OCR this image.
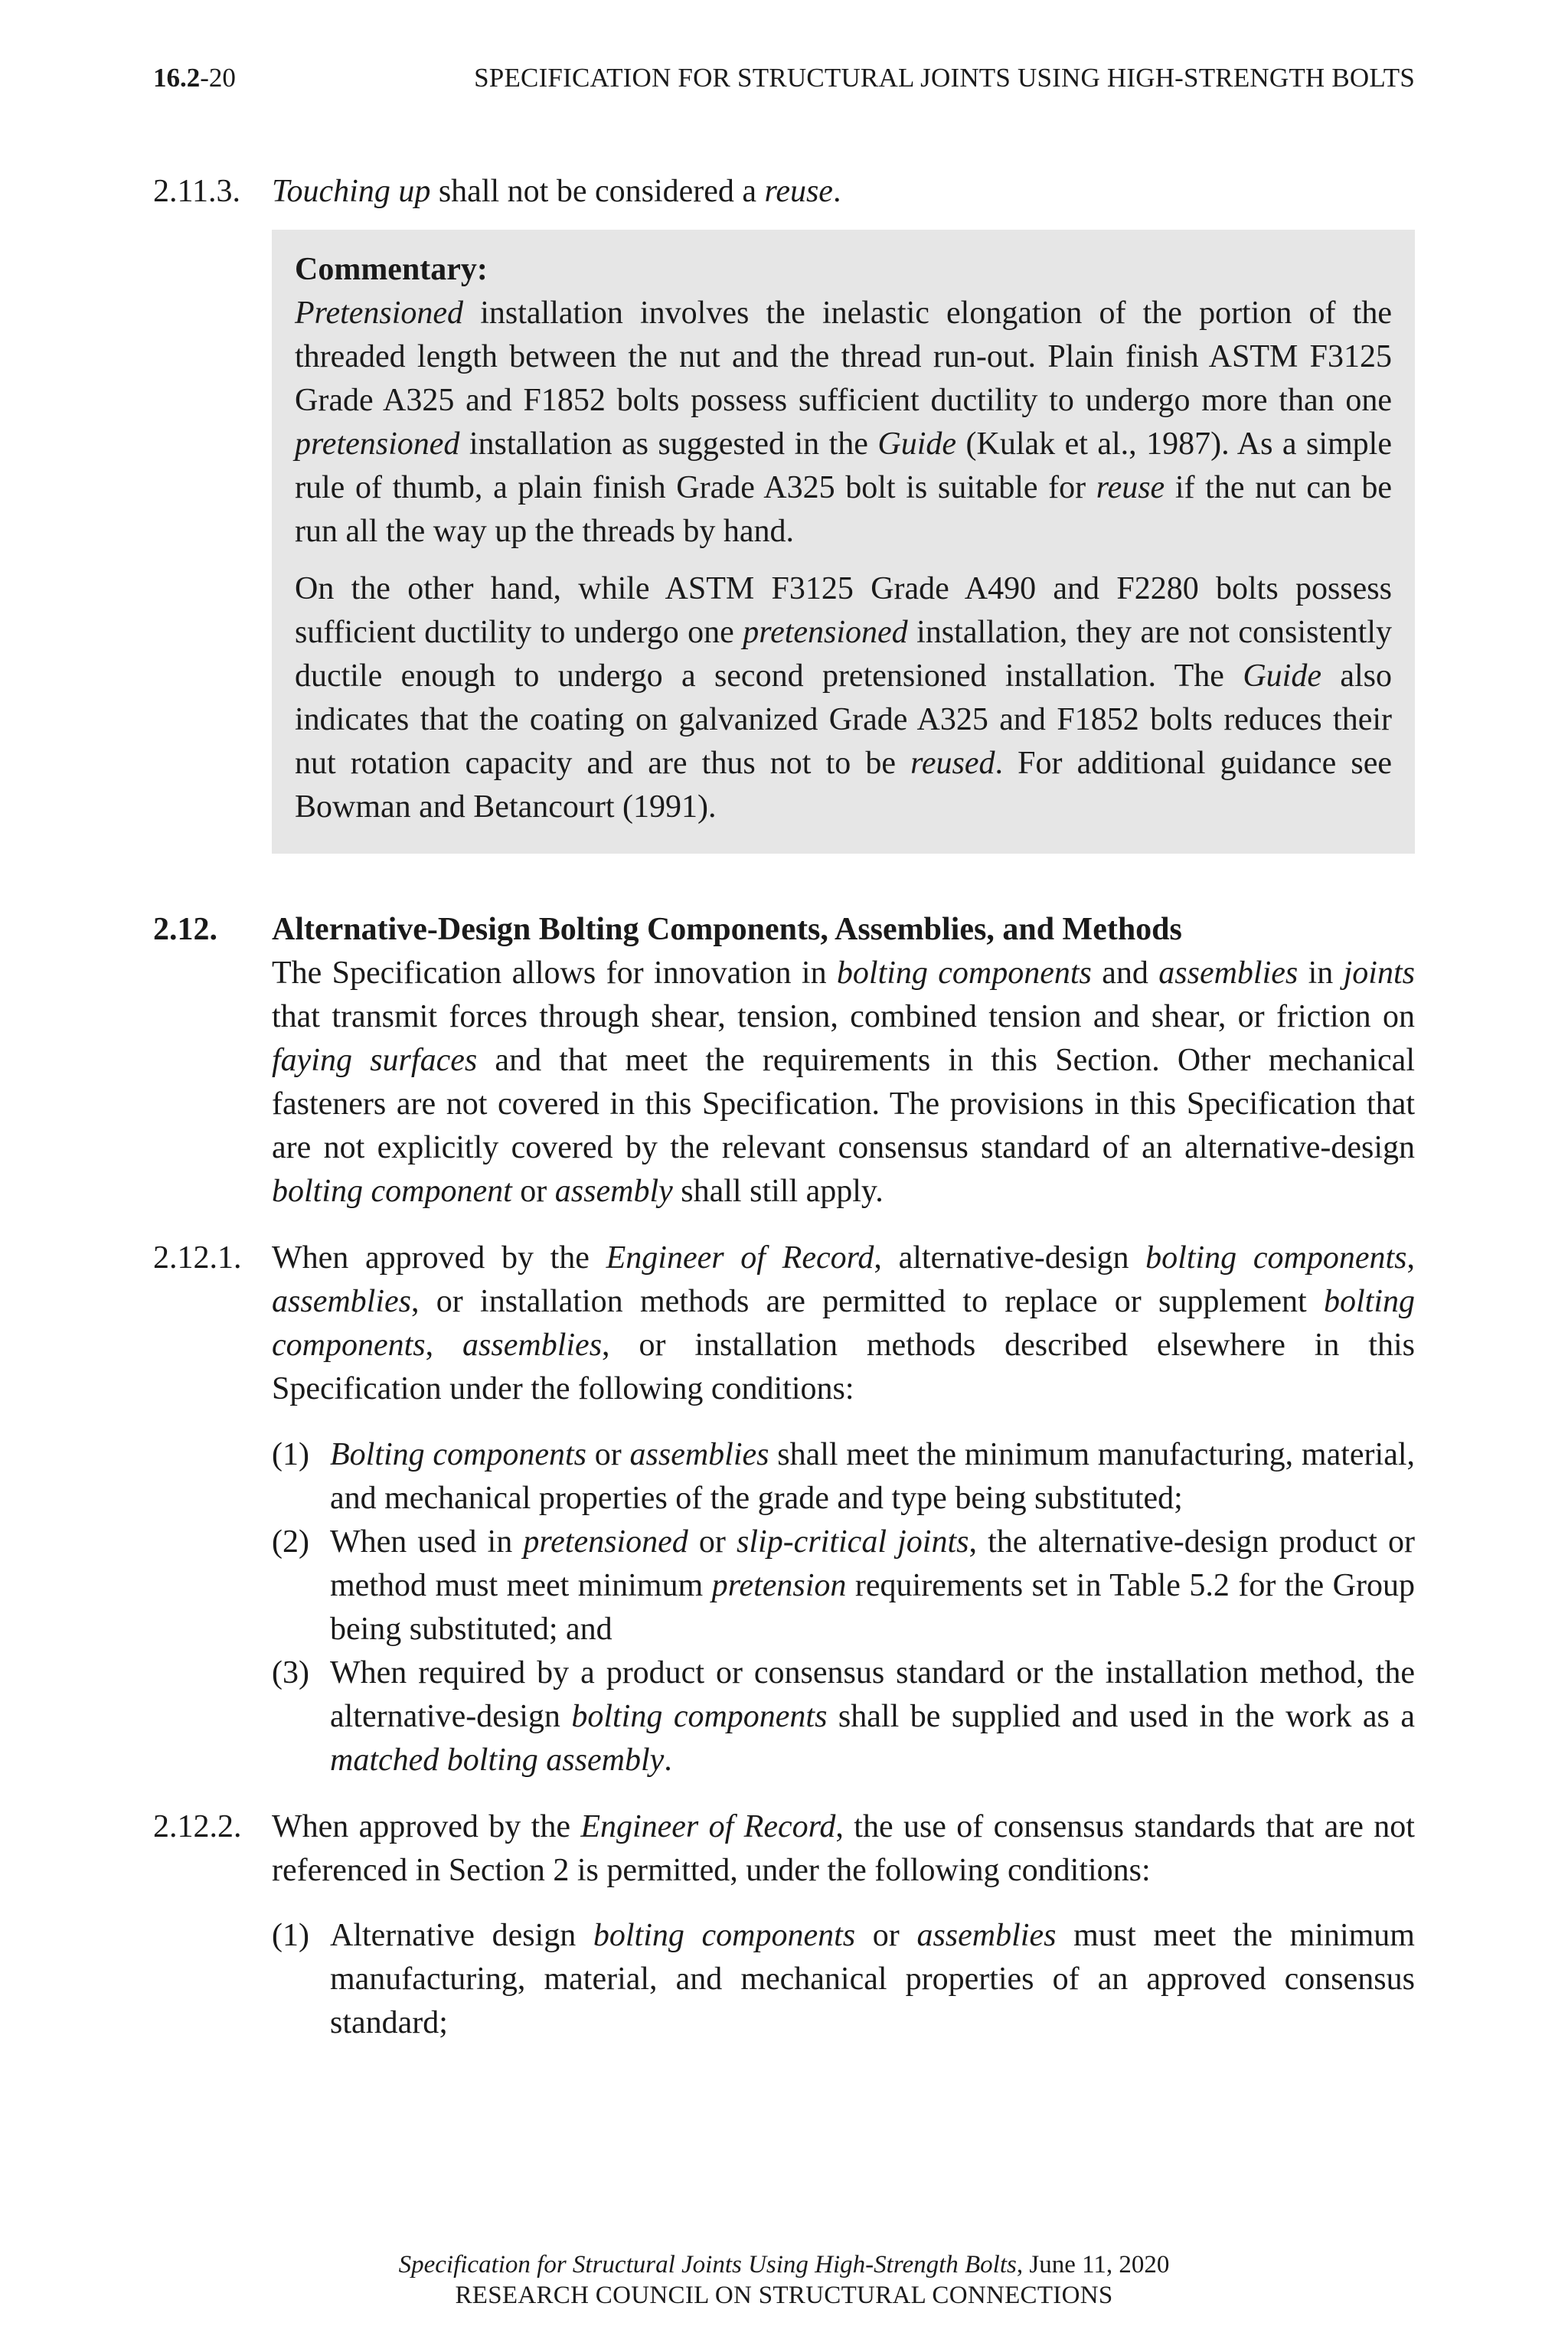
16.2-20	SPECIFICATION FOR STRUCTURAL JOINTS USING HIGH-STRENGTH BOLTS
2.11.3. Touching up shall not be considered a reuse.
Commentary:

Pretensioned installation involves the inelastic elongation of the portion of the threaded length between the nut and the thread run-out. Plain finish ASTM F3125 Grade A325 and F1852 bolts possess sufficient ductility to undergo more than one pretensioned installation as suggested in the Guide (Kulak et al., 1987). As a simple rule of thumb, a plain finish Grade A325 bolt is suitable for reuse if the nut can be run all the way up the threads by hand.

On the other hand, while ASTM F3125 Grade A490 and F2280 bolts possess sufficient ductility to undergo one pretensioned installation, they are not consistently ductile enough to undergo a second pretensioned installation. The Guide also indicates that the coating on galvanized Grade A325 and F1852 bolts reduces their nut rotation capacity and are thus not to be reused. For additional guidance see Bowman and Betancourt (1991).

2.12. Alternative-Design Bolting Components, Assemblies, and Methods
The Specification allows for innovation in bolting components and assemblies in joints that transmit forces through shear, tension, combined tension and shear, or friction on faying surfaces and that meet the requirements in this Section. Other mechanical fasteners are not covered in this Specification. The provisions in this Specification that are not explicitly covered by the relevant consensus standard of an alternative-design bolting component or assembly shall still apply.
2.12.1. When approved by the Engineer of Record, alternative-design bolting components, assemblies, or installation methods are permitted to replace or supplement bolting components, assemblies, or installation methods described elsewhere in this Specification under the following conditions:
(1) Bolting components or assemblies shall meet the minimum manufacturing, material, and mechanical properties of the grade and type being substituted;
(2) When used in pretensioned or slip-critical joints, the alternative-design product or method must meet minimum pretension requirements set in Table 5.2 for the Group being substituted; and
(3) When required by a product or consensus standard or the installation method, the alternative-design bolting components shall be supplied and used in the work as a matched bolting assembly.
2.12.2. When approved by the Engineer of Record, the use of consensus standards that are not referenced in Section 2 is permitted, under the following conditions:
(1) Alternative design bolting components or assemblies must meet the minimum manufacturing, material, and mechanical properties of an approved consensus standard;
Specification for Structural Joints Using High-Strength Bolts, June 11, 2020
RESEARCH COUNCIL ON STRUCTURAL CONNECTIONS
